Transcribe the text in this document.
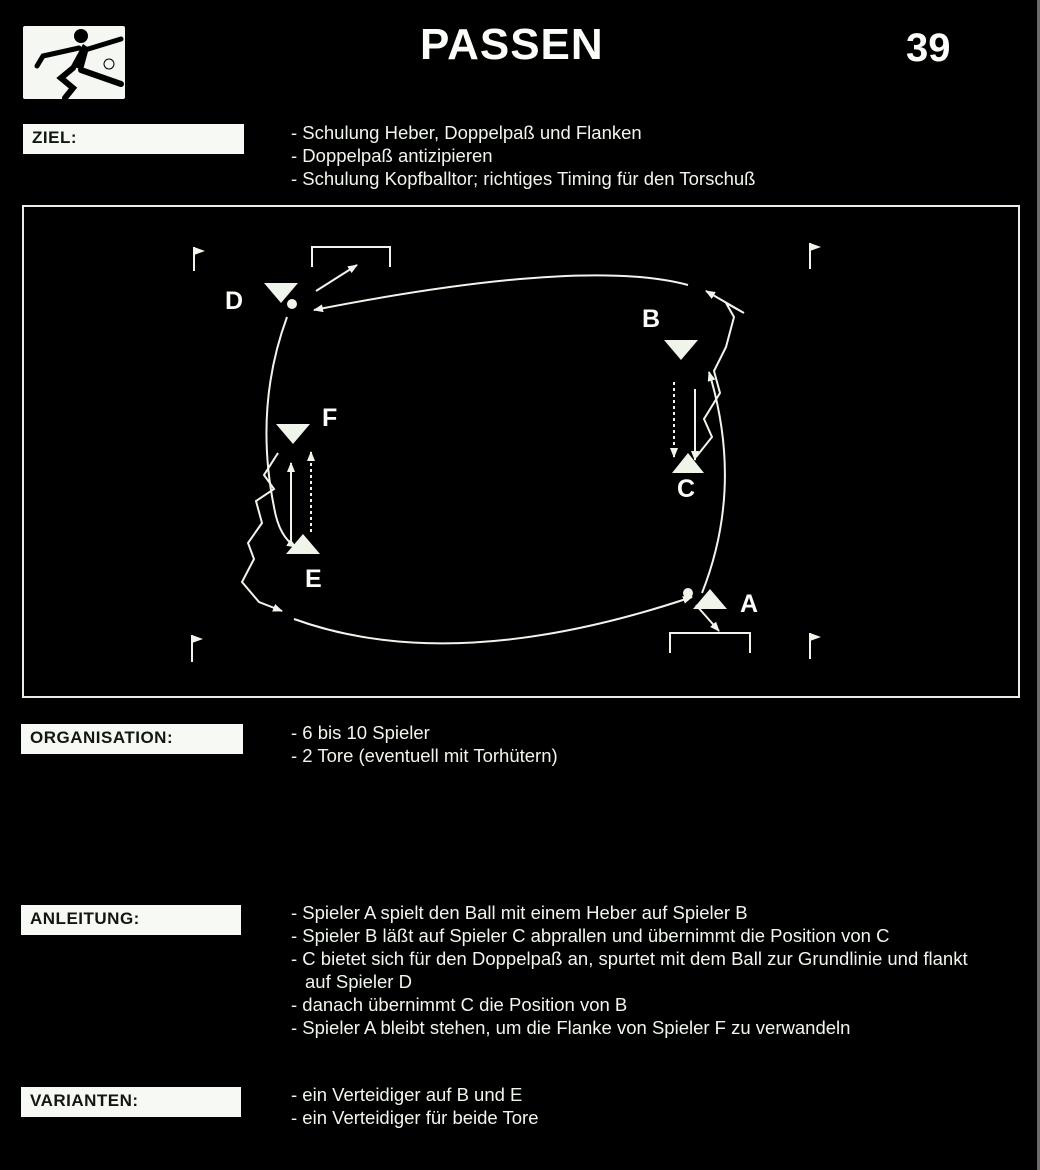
PASSEN	39
ZIEL:	- Schulung Heber, Doppelpaß und Flanken
- Doppelpaß antizipieren
- Schulung Kopfballtor; richtiges Timing für den Torschuß
D
B
F
C
E
A
ORGANISATION:	- 6 bis 10 Spieler
- 2 Tore (eventuell mit Torhütern)
ANLEITUNG:	- Spieler A spielt den Ball mit einem Heber auf Spieler B
- Spieler B läßt auf Spieler C abprallen und übernimmt die Position von C
- C bietet sich für den Doppelpaß an, spurtet mit dem Ball zur Grundlinie und flankt auf Spieler D
- danach übernimmt C die Position von B
- Spieler A bleibt stehen, um die Flanke von Spieler F zu verwandeln
VARIANTEN:	- ein Verteidiger auf B und E
- ein Verteidiger für beide Tore
